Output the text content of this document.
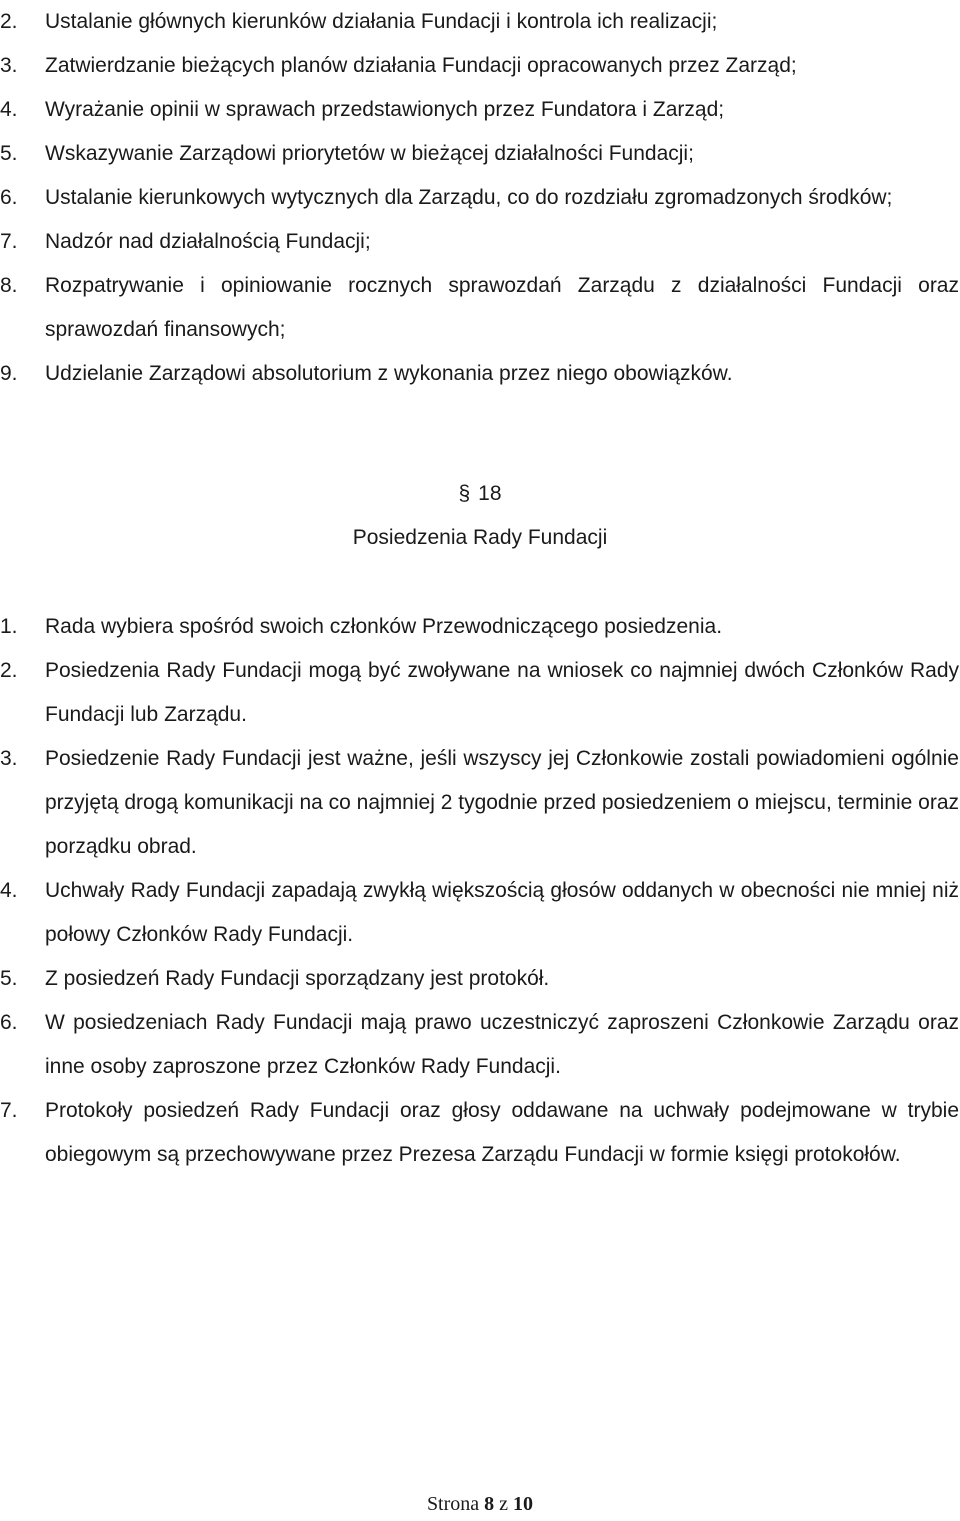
2.	Ustalanie głównych kierunków działania Fundacji i kontrola ich realizacji;
3.	Zatwierdzanie bieżących planów działania Fundacji opracowanych przez Zarząd;
4.	Wyrażanie opinii w sprawach przedstawionych przez Fundatora i Zarząd;
5.	Wskazywanie Zarządowi priorytetów w bieżącej działalności Fundacji;
6.	Ustalanie kierunkowych wytycznych dla Zarządu, co do rozdziału zgromadzonych środków;
7.	Nadzór nad działalnością Fundacji;
8.	Rozpatrywanie i opiniowanie rocznych sprawozdań Zarządu z działalności Fundacji oraz sprawozdań finansowych;
9.	Udzielanie Zarządowi absolutorium z wykonania przez niego obowiązków.
§ 18
Posiedzenia Rady Fundacji
1.	Rada wybiera spośród swoich członków Przewodniczącego posiedzenia.
2.	Posiedzenia Rady Fundacji mogą być zwoływane na wniosek co najmniej dwóch Członków Rady Fundacji lub Zarządu.
3.	Posiedzenie Rady Fundacji jest ważne, jeśli wszyscy jej Członkowie zostali powiadomieni ogólnie przyjętą drogą komunikacji na co najmniej 2 tygodnie przed posiedzeniem o miejscu, terminie oraz porządku obrad.
4.	Uchwały Rady Fundacji zapadają zwykłą większością głosów oddanych w obecności nie mniej niż połowy Członków Rady Fundacji.
5.	Z posiedzeń Rady Fundacji sporządzany jest protokół.
6.	W posiedzeniach Rady Fundacji mają prawo uczestniczyć zaproszeni Członkowie Zarządu oraz inne osoby zaproszone przez Członków Rady Fundacji.
7.	Protokoły posiedzeń Rady Fundacji oraz głosy oddawane na uchwały podejmowane w trybie obiegowym są przechowywane przez Prezesa Zarządu Fundacji w formie księgi protokołów.
Strona 8 z 10
